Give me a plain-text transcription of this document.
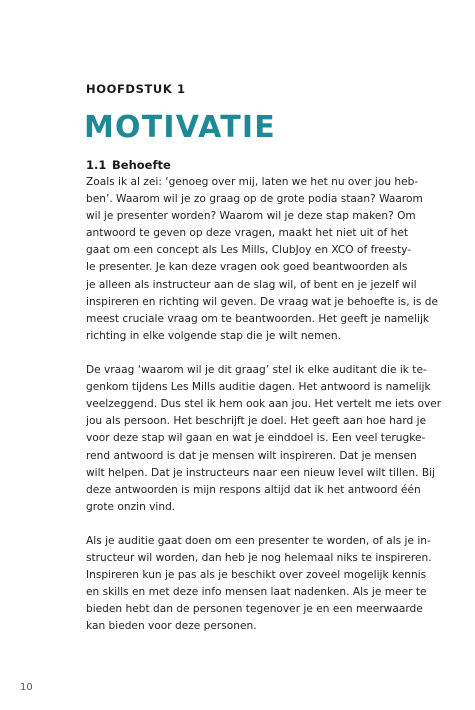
HOOFDSTUK 1
MOTIVATIE
1.1 Behoefte
Zoals ik al zei: ‘genoeg over mij, laten we het nu over jou heb-
ben’. Waarom wil je zo graag op de grote podia staan? Waarom
wil je presenter worden? Waarom wil je deze stap maken? Om
antwoord te geven op deze vragen, maakt het niet uit of het
gaat om een concept als Les Mills, ClubJoy en XCO of freesty-
le presenter. Je kan deze vragen ook goed beantwoorden als
je alleen als instructeur aan de slag wil, of bent en je jezelf wil
inspireren en richting wil geven. De vraag wat je behoefte is, is de
meest cruciale vraag om te beantwoorden. Het geeft je namelijk
richting in elke volgende stap die je wilt nemen.
De vraag ‘waarom wil je dit graag’ stel ik elke auditant die ik te-
genkom tijdens Les Mills auditie dagen. Het antwoord is namelijk
veelzeggend. Dus stel ik hem ook aan jou. Het vertelt me iets over
jou als persoon. Het beschrijft je doel. Het geeft aan hoe hard je
voor deze stap wil gaan en wat je einddoel is. Een veel terugke-
rend antwoord is dat je mensen wilt inspireren. Dat je mensen
wilt helpen. Dat je instructeurs naar een nieuw level wilt tillen. Bij
deze antwoorden is mijn respons altijd dat ik het antwoord één
grote onzin vind.
Als je auditie gaat doen om een presenter te worden, of als je in-
structeur wil worden, dan heb je nog helemaal niks te inspireren.
Inspireren kun je pas als je beschikt over zoveel mogelijk kennis
en skills en met deze info mensen laat nadenken. Als je meer te
bieden hebt dan de personen tegenover je en een meerwaarde
kan bieden voor deze personen.
10
